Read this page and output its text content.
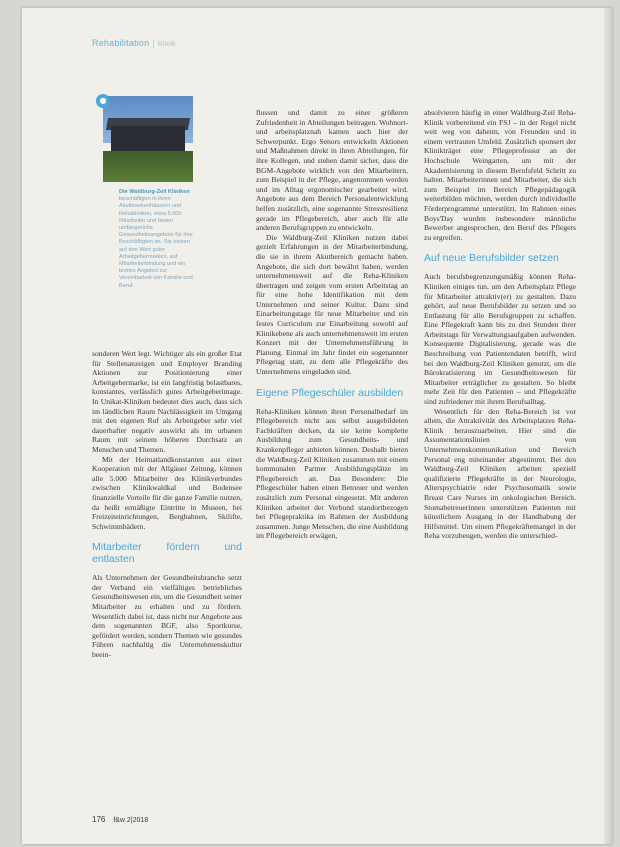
Rehabilitation | Klinik
●
Die Waldburg-Zeil Kliniken beschäftigen in ihren Akutkrankenhäusern und Rehakliniken, etwa 5.000 Mitarbeiter und bieten umfangreiche Gesundheitsangebote für ihre Beschäftigten an. Sie setzen auf den Wert guter Arbeitgebermarken, auf Mitarbeiterbindung und ein breites Angebot zur Vereinbarkeit von Familie und Beruf.

sonderen Wert legt. Wichtiger als ein großer Etat für Stellenanzeigen und Employer Branding Aktionen zur Positionierung einer Arbeitgebermarke, ist ein langfristig belastbares, konstantes, verlässlich gutes Arbeitgeberimage. In Unikat-Kliniken bedeutet dies auch, dass sich im ländlichen Raum Nachlässigkeit im Umgang mit den eigenen Ruf als Arbeitgeber sehr viel dauerhafter negativ auswirkt als im urbanen Raum mit seinem höheren Durchsatz an Menschen und Themen.

Mit der Heimatlandkonstanten aus einer Kooperation mit der Allgäuer Zeitung, können alle 5.000 Mitarbeiter des Klinikverbundes zwischen Klinikwaldkal und Bodensee finanzielle Vorteile für die ganze Familie nutzen, da heißt ermäßigte Eintritte in Museen, bei Freizeiteinrichtungen, Bergbahnen, Skilifte, Schwimmbädern.

Mitarbeiter fördern und entlasten

Als Unternehmen der Gesundheitsbranche setzt der Verband ein vielfältiges betriebliches Gesundheitswesen ein, um die Gesundheit seiner Mitarbeiter zu erhalten und zu fördern. Wesentlich dabei ist, dass nicht nur Angebote aus dem sogenannten BGF, also Sportkurse, gefördert werden, sondern Themen wie gesundes Führen nachhaltig die Unternehmenskultur beein-

flussen und damit zu einer größeren Zufriedenheit in Abteilungen beitragen. Wohnort- und arbeitsplatznah kamen auch hier der Schwerpunkt. Ergo Senors entwickeln Aktionen und Maßnahmen direkt in ihren Abteilungen, für ihre Kollegen, und stehen damit sicher, dass die BGM-Angebote wirklich von den Mitarbeitern, zum Beispiel in der Pflege, angenommen werden und im Alltag ergonomischer gearbeitet wird. Angebote aus dem Bereich Personalentwicklung helfen zusätzlich, eine sogenannte Stressresilienz gerade im Pflegebereich, aber auch für alle anderen Berufsgruppen zu entwickeln.

Die Waldburg-Zeil Kliniken nutzen dabei gezielt Erfahrungen in der Mitarbeiterbindung, die sie in ihrem Akutbereich gemacht haben. Angebote, die sich dort bewährt haben, werden unternehmensweit auf die Reha-Kliniken übertragen und zeigen vom ersten Arbeitstag an für eine hohe Identifikation mit dem Unternehmen und seiner Kultur. Dazu sind Einarbeitungstage für neue Mitarbeiter und ein festes Curriculum zur Einarbeitung sowohl auf Klinikebene als auch unternehmensweit im ersten Konzert mit der Unternehmensführung in Planung. Einmal im Jahr findet ein sogenannter Pflegetag statt, zu dem alle Pflegekräfte des Unternehmens eingeladen sind.

Eigene Pflegeschüler ausbilden

Reha-Kliniken können ihren Personalbedarf im Pflegebereich nicht aus selbst ausgebildeten Fachkräften decken, da sie keine komplette Ausbildung zum Gesundheits- und Krankenpfleger anbieten können. Deshalb bieten die Waldburg-Zeil Kliniken zusammen mit einem kommunalen Partner Ausbildungsplätze im Pflegebereich an. Das Besondere: Die Pflegeschüler haben einen Betreuer und werden zusätzlich zum Personal eingesetzt. Mit anderen Kliniken arbeitet der Verbund standortbezogen bei Pflegepraktika im Rahmen der Ausbildung zusammen. Junge Menschen, die eine Ausbildung im Pflegebereich erwägen,

absolvieren häufig in einer Waldburg-Zeil Reha-Klinik vorbereitend ein FSJ – in der Regel nicht weit weg von daheim, von Freunden und in einem vertrauten Umfeld. Zusätzlich sponsert der Klinikträger eine Pflegeprofessur an der Hochschule Weingarten, um mit der Akademisierung in diesem Berufsfeld Schritt zu halten. Mitarbeiterinnen und Mitarbeiter, die sich zum Beispiel im Bereich Pflegepädagogik weiterbilden möchten, werden durch individuelle Förderprogramme unterstützt. Im Rahmen eines Boys'Day wurden insbesondere männliche Bewerber angesprochen, den Beruf des Pflegers zu ergreifen.

Auf neue Berufsbilder setzen

Auch berufsbegrenzungsmäßig können Reha-Kliniken einiges tun, um den Arbeitsplatz Pflege für Mitarbeiter attraktiv(er) zu gestalten. Dazu gehört, auf neue Berufsbilder zu setzen und so Entlastung für alle Berufsgruppen zu schaffen. Eine Pflegekraft kann bis zu drei Stunden ihrer Arbeitstags für Verwaltungsaufgaben aufwenden. Konsequente Digitalisierung, gerade was die Beschreibung von Patientendaten betrifft, wird bei den Waldburg-Zeil Kliniken genutzt, um die Bürokratisierung im Gesundheitswesen für Mitarbeiter erträglicher zu gestalten. So bleibt mehr Zeit für den Patienten – und Pflegekräfte sind zufriedener mit ihrem Berufsalltag.

Wesentlich für den Reha-Bereich ist vor allem, die Attraktivität des Arbeitsplatzes Reha-Klinik herauszuarbeiten. Hier sind die Assumentationslinien von Unternehmenskommunikation und Bereich Personal eng miteinander abgestimmt. Bei den Waldburg-Zeil Kliniken arbeiten speziell qualifizierte Pflegekräfte in der Neurologie, Alterspsychiatrie oder Psychosomatik sowie Breast Care Nurses im onkologischen Bereich. Stomabetreuerinnen unterstützen Patienten mit künstlichem Ausgang in der Handhabung der Hilfsmittel. Um einem Pflegekräftemangel in der Reha vorzubeugen, werden die unterschied-

176 f&w 2|2018
